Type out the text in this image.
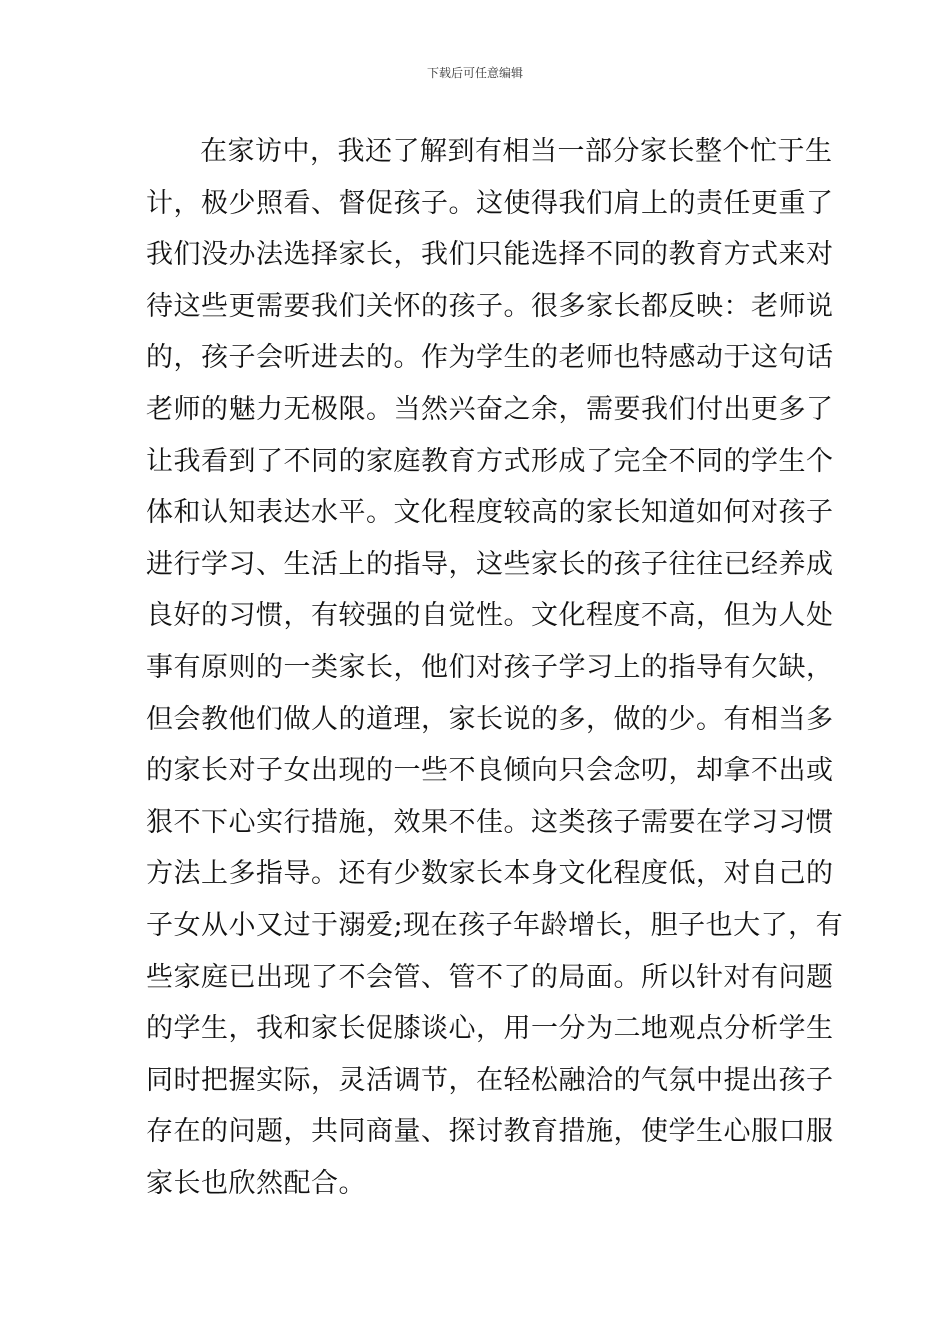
下载后可任意编辑
在家访中，我还了解到有相当一部分家长整个忙于生
计，极少照看、督促孩子。这使得我们肩上的责任更重了
我们没办法选择家长，我们只能选择不同的教育方式来对
待这些更需要我们关怀的孩子。很多家长都反映：老师说
的，孩子会听进去的。作为学生的老师也特感动于这句话
老师的魅力无极限。当然兴奋之余，需要我们付出更多了
让我看到了不同的家庭教育方式形成了完全不同的学生个
体和认知表达水平。文化程度较高的家长知道如何对孩子
进行学习、生活上的指导，这些家长的孩子往往已经养成
良好的习惯，有较强的自觉性。文化程度不高，但为人处
事有原则的一类家长，他们对孩子学习上的指导有欠缺，
但会教他们做人的道理，家长说的多，做的少。有相当多
的家长对子女出现的一些不良倾向只会念叨，却拿不出或
狠不下心实行措施，效果不佳。这类孩子需要在学习习惯
方法上多指导。还有少数家长本身文化程度低，对自己的
子女从小又过于溺爱;现在孩子年龄增长，胆子也大了，有
些家庭已出现了不会管、管不了的局面。所以针对有问题
的学生，我和家长促膝谈心，用一分为二地观点分析学生
同时把握实际，灵活调节，在轻松融洽的气氛中提出孩子
存在的问题，共同商量、探讨教育措施，使学生心服口服
家长也欣然配合。
